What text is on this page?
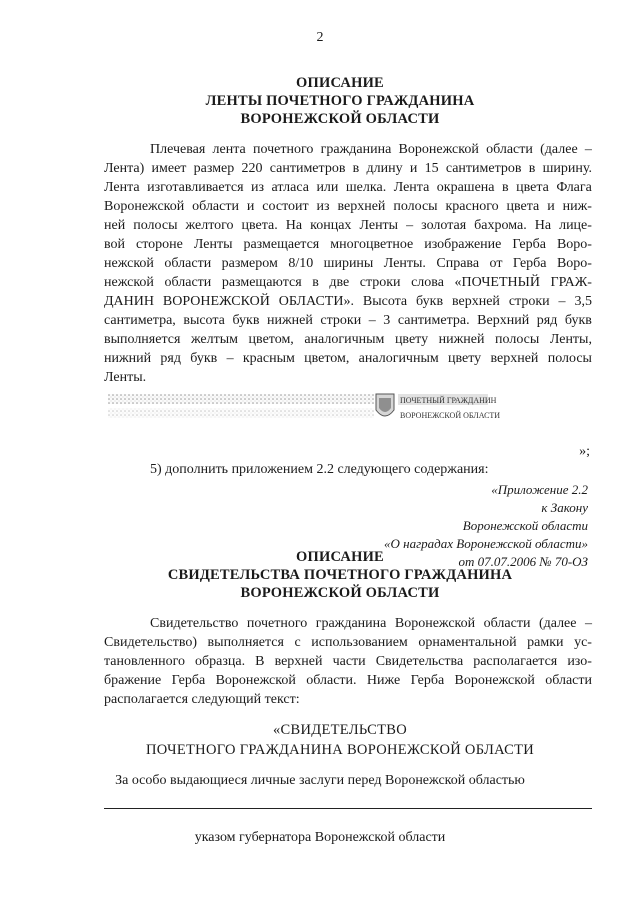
2
ОПИСАНИЕ
ЛЕНТЫ ПОЧЕТНОГО ГРАЖДАНИНА
ВОРОНЕЖСКОЙ ОБЛАСТИ
Плечевая лента почетного гражданина Воронежской области (далее –
Лента) имеет размер 220 сантиметров в длину и 15 сантиметров в ширину.
Лента изготавливается из атласа или шелка. Лента окрашена в цвета Флага
Воронежской области и состоит из верхней полосы красного цвета и ниж-
ней полосы желтого цвета. На концах Ленты – золотая бахрома. На лице-
вой стороне Ленты размещается многоцветное изображение Герба Воро-
нежской области размером 8/10 ширины Ленты. Справа от Герба Воро-
нежской области размещаются в две строки слова «ПОЧЕТНЫЙ ГРАЖ-
ДАНИН ВОРОНЕЖСКОЙ ОБЛАСТИ». Высота букв верхней строки – 3,5
сантиметра, высота букв нижней строки – 3 сантиметра. Верхний ряд букв
выполняется желтым цветом, аналогичным цвету нижней полосы Ленты,
нижний ряд букв – красным цветом, аналогичным цвету верхней полосы
Ленты.
ПОЧЕТНЫЙ ГРАЖДАНИН
ВОРОНЕЖСКОЙ ОБЛАСТИ
»;
5) дополнить приложением 2.2 следующего содержания:
«Приложение 2.2
к Закону
Воронежской области
«О наградах Воронежской области»
от 07.07.2006 № 70-ОЗ
ОПИСАНИЕ
СВИДЕТЕЛЬСТВА ПОЧЕТНОГО ГРАЖДАНИНА
ВОРОНЕЖСКОЙ ОБЛАСТИ
Свидетельство почетного гражданина Воронежской области (далее –
Свидетельство) выполняется с использованием орнаментальной рамки ус-
тановленного образца. В верхней части Свидетельства располагается изо-
бражение Герба Воронежской области. Ниже Герба Воронежской области
располагается следующий текст:
«СВИДЕТЕЛЬСТВО
ПОЧЕТНОГО ГРАЖДАНИНА ВОРОНЕЖСКОЙ ОБЛАСТИ
За особо выдающиеся личные заслуги перед Воронежской областью
указом губернатора Воронежской области
